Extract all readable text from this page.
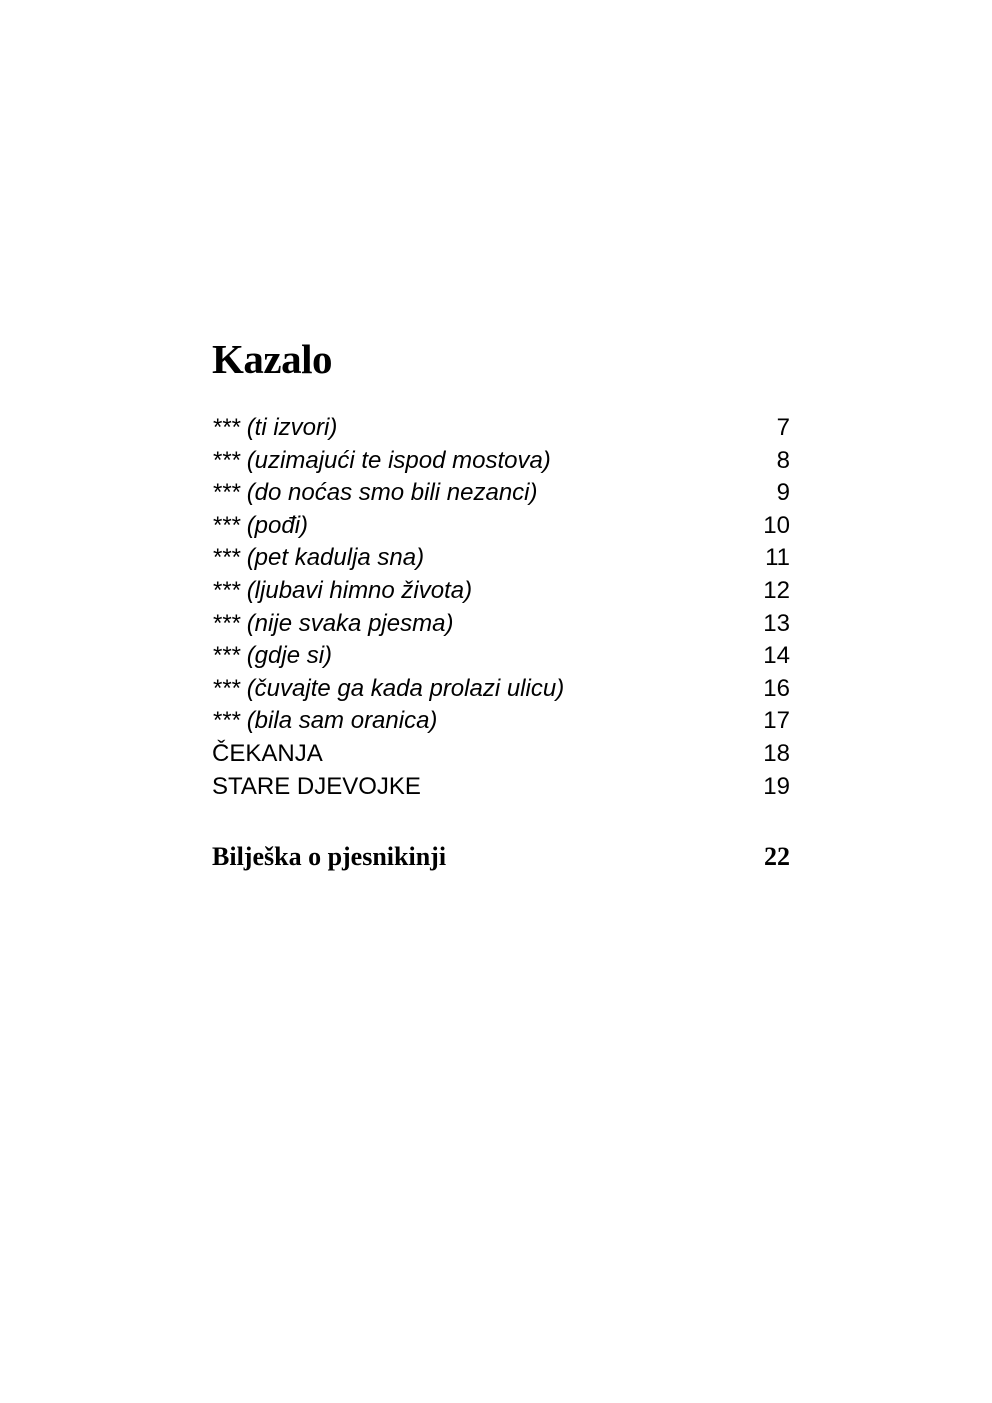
Kazalo
*** (ti izvori)	7
*** (uzimajući te ispod mostova)	8
*** (do noćas smo bili nezanci)	9
*** (pođi)	10
*** (pet kadulja sna)	11
*** (ljubavi himno života)	12
*** (nije svaka pjesma)	13
*** (gdje si)	14
*** (čuvajte ga kada prolazi ulicu)	16
*** (bila sam oranica)	17
ČEKANJA	18
STARE DJEVOJKE	19
Bilješka o pjesnikinji	22
